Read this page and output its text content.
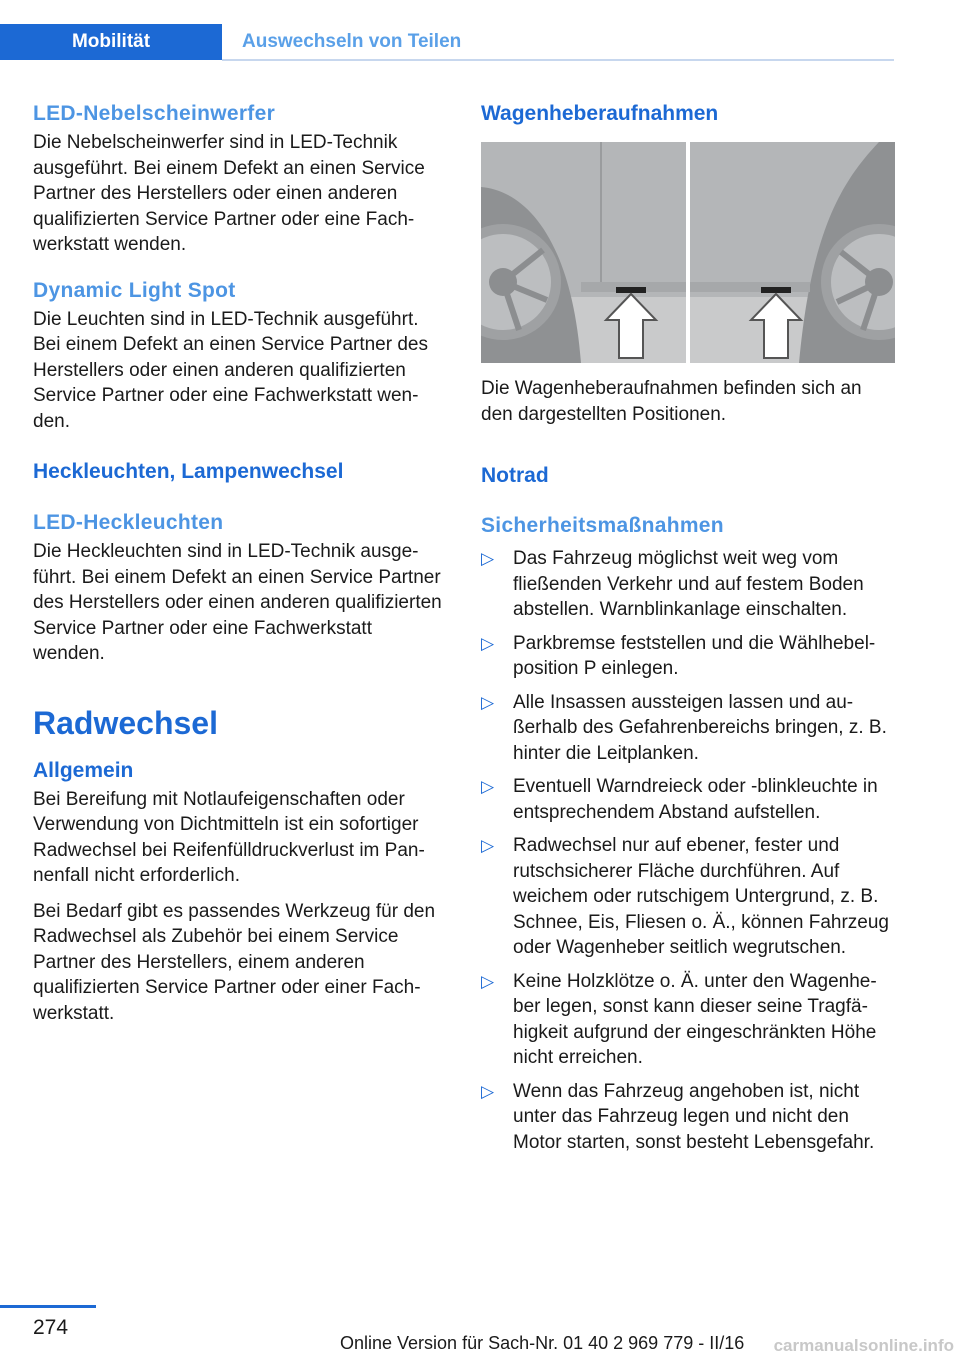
Mobilität	Auswechseln von Teilen
LED-Nebelscheinwerfer

Die Nebelscheinwerfer sind in LED-Technik ausgeführt. Bei einem Defekt an einen Service Partner des Herstellers oder einen anderen qualifizierten Service Partner oder eine Fachwerkstatt wenden.

Dynamic Light Spot

Die Leuchten sind in LED-Technik ausgeführt. Bei einem Defekt an einen Service Partner des Herstellers oder einen anderen qualifizierten Service Partner oder eine Fachwerkstatt wenden.

Heckleuchten, Lampenwechsel
LED-Heckleuchten

Die Heckleuchten sind in LED-Technik ausgeführt. Bei einem Defekt an einen Service Partner des Herstellers oder einen anderen qualifizierten Service Partner oder eine Fachwerkstatt wenden.

Radwechsel
Allgemein

Bei Bereifung mit Notlaufeigenschaften oder Verwendung von Dichtmitteln ist ein sofortiger Radwechsel bei Reifenfülldruckverlust im Pannenfall nicht erforderlich.

Bei Bedarf gibt es passendes Werkzeug für den Radwechsel als Zubehör bei einem Service Partner des Herstellers, einem anderen qualifizierten Service Partner oder einer Fachwerkstatt.

Wagenheberaufnahmen

Die Wagenheberaufnahmen befinden sich an den dargestellten Positionen.

Notrad
Sicherheitsmaßnahmen
▷ Das Fahrzeug möglichst weit weg vom fließenden Verkehr und auf festem Boden abstellen. Warnblinkanlage einschalten.
▷ Parkbremse feststellen und die Wählhebelposition P einlegen.
▷ Alle Insassen aussteigen lassen und außerhalb des Gefahrenbereichs bringen, z. B. hinter die Leitplanken.
▷ Eventuell Warndreieck oder -blinkleuchte in entsprechendem Abstand aufstellen.
▷ Radwechsel nur auf ebener, fester und rutschsicherer Fläche durchführen. Auf weichem oder rutschigem Untergrund, z. B. Schnee, Eis, Fliesen o. Ä., können Fahrzeug oder Wagenheber seitlich wegrutschen.
▷ Keine Holzklötze o. Ä. unter den Wagenheber legen, sonst kann dieser seine Tragfähigkeit aufgrund der eingeschränkten Höhe nicht erreichen.
▷ Wenn das Fahrzeug angehoben ist, nicht unter das Fahrzeug legen und nicht den Motor starten, sonst besteht Lebensgefahr.
274
Online Version für Sach-Nr. 01 40 2 969 779 - II/16 carmanualsonline.info
